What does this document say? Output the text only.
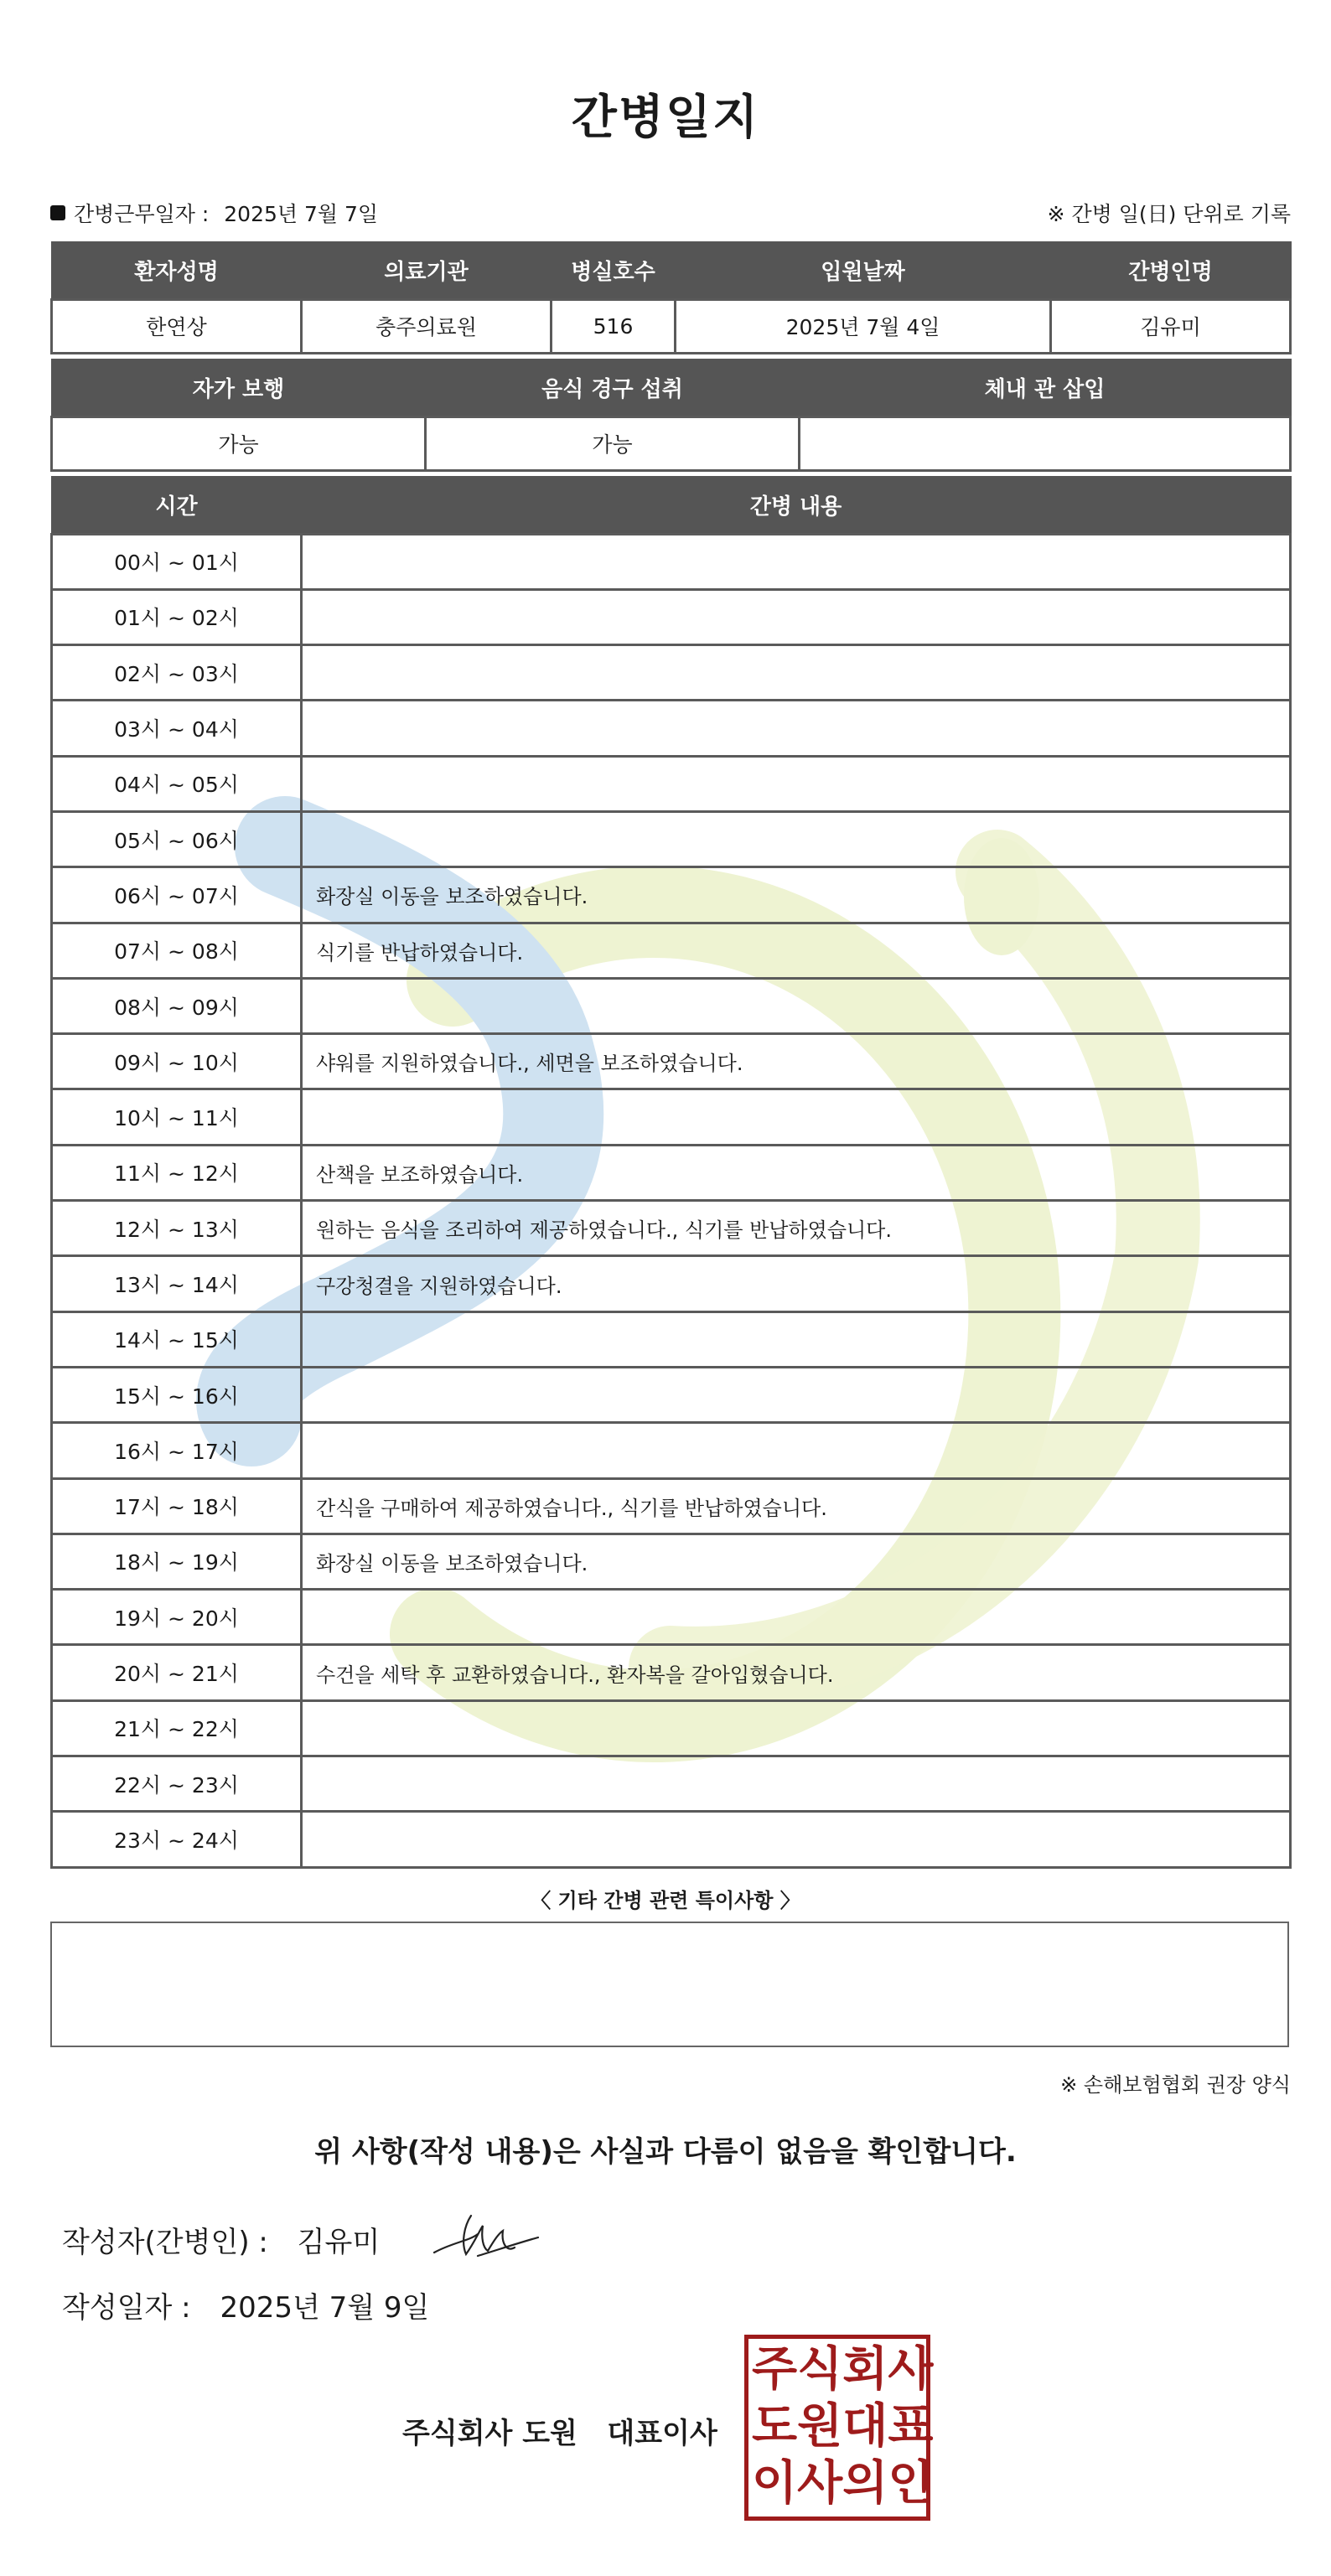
간병일지
간병근무일자 : 2025년 7월 7일	※ 간병 일(日) 단위로 기록
환자성명	의료기관	병실호수	입원날짜	간병인명
한연상	충주의료원	516	2025년 7월 4일	김유미
자가 보행	음식 경구 섭취	체내 관 삽입
가능	가능	
시간	간병 내용
00시 ~ 01시	
01시 ~ 02시	
02시 ~ 03시	
03시 ~ 04시	
04시 ~ 05시	
05시 ~ 06시	
06시 ~ 07시	화장실 이동을 보조하였습니다.
07시 ~ 08시	식기를 반납하였습니다.
08시 ~ 09시	
09시 ~ 10시	샤워를 지원하였습니다., 세면을 보조하였습니다.
10시 ~ 11시	
11시 ~ 12시	산책을 보조하였습니다.
12시 ~ 13시	원하는 음식을 조리하여 제공하였습니다., 식기를 반납하였습니다.
13시 ~ 14시	구강청결을 지원하였습니다.
14시 ~ 15시	
15시 ~ 16시	
16시 ~ 17시	
17시 ~ 18시	간식을 구매하여 제공하였습니다., 식기를 반납하였습니다.
18시 ~ 19시	화장실 이동을 보조하였습니다.
19시 ~ 20시	
20시 ~ 21시	수건을 세탁 후 교환하였습니다., 환자복을 갈아입혔습니다.
21시 ~ 22시	
22시 ~ 23시	
23시 ~ 24시	
〈 기타 간병 관련 특이사항 〉
※ 손해보험협회 권장 양식
위 사항(작성 내용)은 사실과 다름이 없음을 확인합니다.
작성자(간병인) : 김유미
작성일자 : 2025년 7월 9일
주식회사 도원   대표이사
주 식 회 사
도 원 대 표
이 사 의 인
